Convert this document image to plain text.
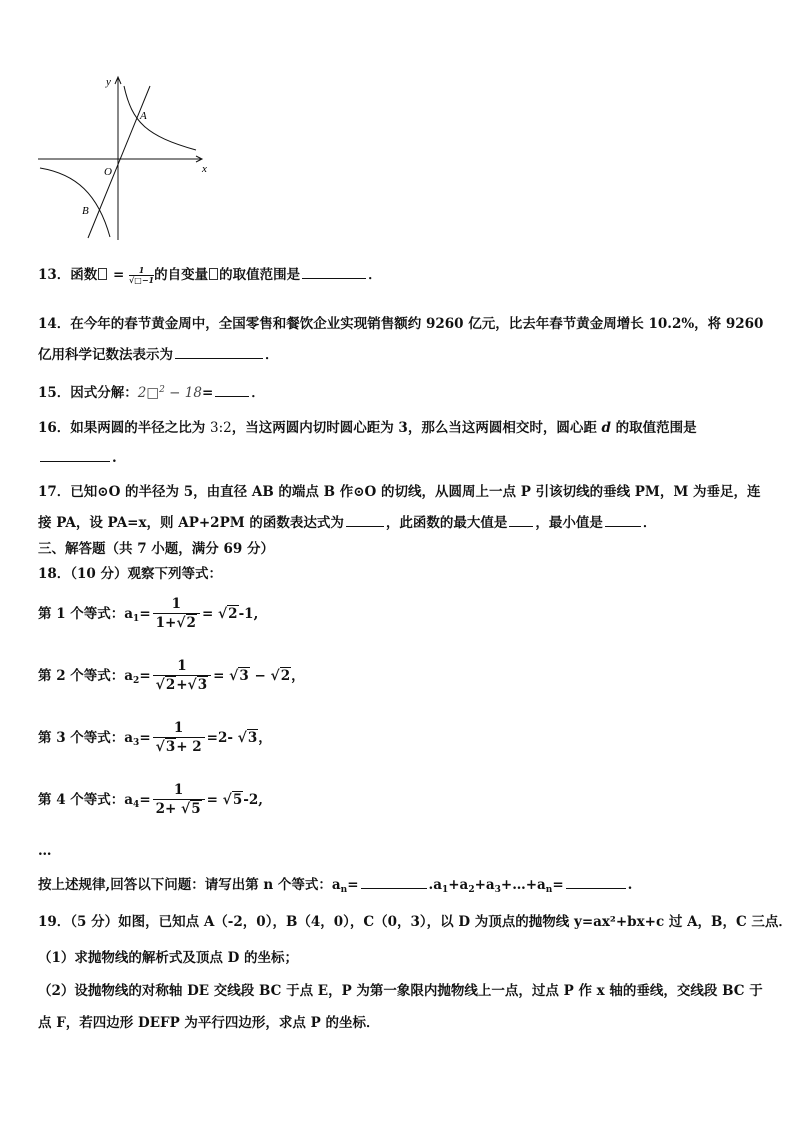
y
x
O
A
B
13．函数 = $\frac{1}{√□-1}$ 的自变量 的取值范围是	．
14．在今年的春节黄金周中，全国零售和餐饮企业实现销售额约 9260 亿元，比去年春节黄金周增长 10.2%，将 9260
亿用科学记数法表示为	．
15．因式分解：2□$^2$ − 18=	．
16．如果两圆的半径之比为 3:2，当这两圆内切时圆心距为 3，那么当这两圆相交时，圆心距 d 的取值范围是
.
17．已知⊙O 的半径为 5，由直径 AB 的端点 B 作⊙O 的切线，从圆周上一点 P 引该切线的垂线 PM，M 为垂足，连
接 PA，设 PA=x，则 AP+2PM 的函数表达式为	，此函数的最大值是 ，最小值是	．
三、解答题（共 7 小题，满分 69 分）
18．（10 分）观察下列等式：
第 1 个等式：$a_1= \frac{1}{1+√2} = √2-1$,
第 2 个等式：$a_2= \frac{1}{√2+√3} = √3 - √2$，
第 3 个等式：$a_3= \frac{1}{√3+ 2} =2-$ √3，
第 4 个等式：$a_4= \frac{1}{2+ √5} = √5-2$,
…
按上述规律,回答以下问题：请写出第 n 个等式：$a_n=$	$.a_1+a_2+a_3+\dots+a_n=$	.
19．（5 分）如图，已知点 A（-2，0），B（4，0），C（0，3），以 D 为顶点的抛物线 y=ax²+bx+c 过 A，B，C 三点．
（1）求抛物线的解析式及顶点 D 的坐标；
（2）设抛物线的对称轴 DE 交线段 BC 于点 E，P 为第一象限内抛物线上一点，过点 P 作 x 轴的垂线，交线段 BC 于
点 F，若四边形 DEFP 为平行四边形，求点 P 的坐标．
